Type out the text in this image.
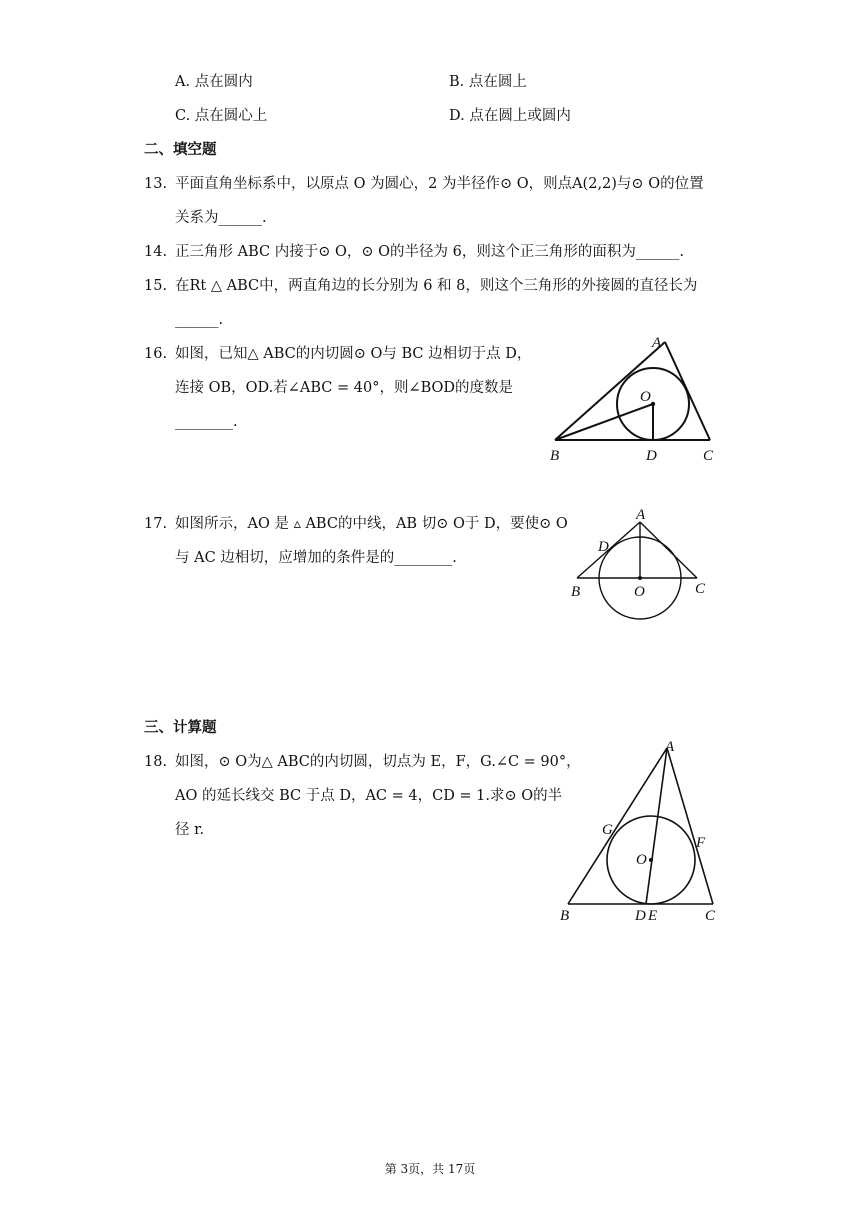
A. 点在圆内	B. 点在圆上
C. 点在圆心上	D. 点在圆上或圆内
二、填空题
13. 平面直角坐标系中，以原点 O 为圆心，2 为半径作⊙ O，则点A(2,2)与⊙ O的位置
关系为______.
14. 正三角形 ABC 内接于⊙ O，⊙ O的半径为 6，则这个正三角形的面积为______.
15. 在Rt △ ABC中，两直角边的长分别为 6 和 8，则这个三角形的外接圆的直径长为
______.
16. 如图，已知△ ABC的内切圆⊙ O与 BC 边相切于点 D，
连接 OB，OD.若∠ABC = 40°，则∠BOD的度数是
________.
A
O
B	D	C
17. 如图所示，AO 是 ▵ ABC的中线，AB 切⊙ O于 D，要使⊙ O
与 AC 边相切，应增加的条件是的________.
A
D
B	O	C
三、计算题
18. 如图，⊙ O为△ ABC的内切圆，切点为 E，F，G.∠C = 90°，
AO 的延长线交 BC 于点 D，AC = 4，CD = 1.求⊙ O的半
径 r.
A
G
F
O
B	D E	C
第 3页，共 17页
